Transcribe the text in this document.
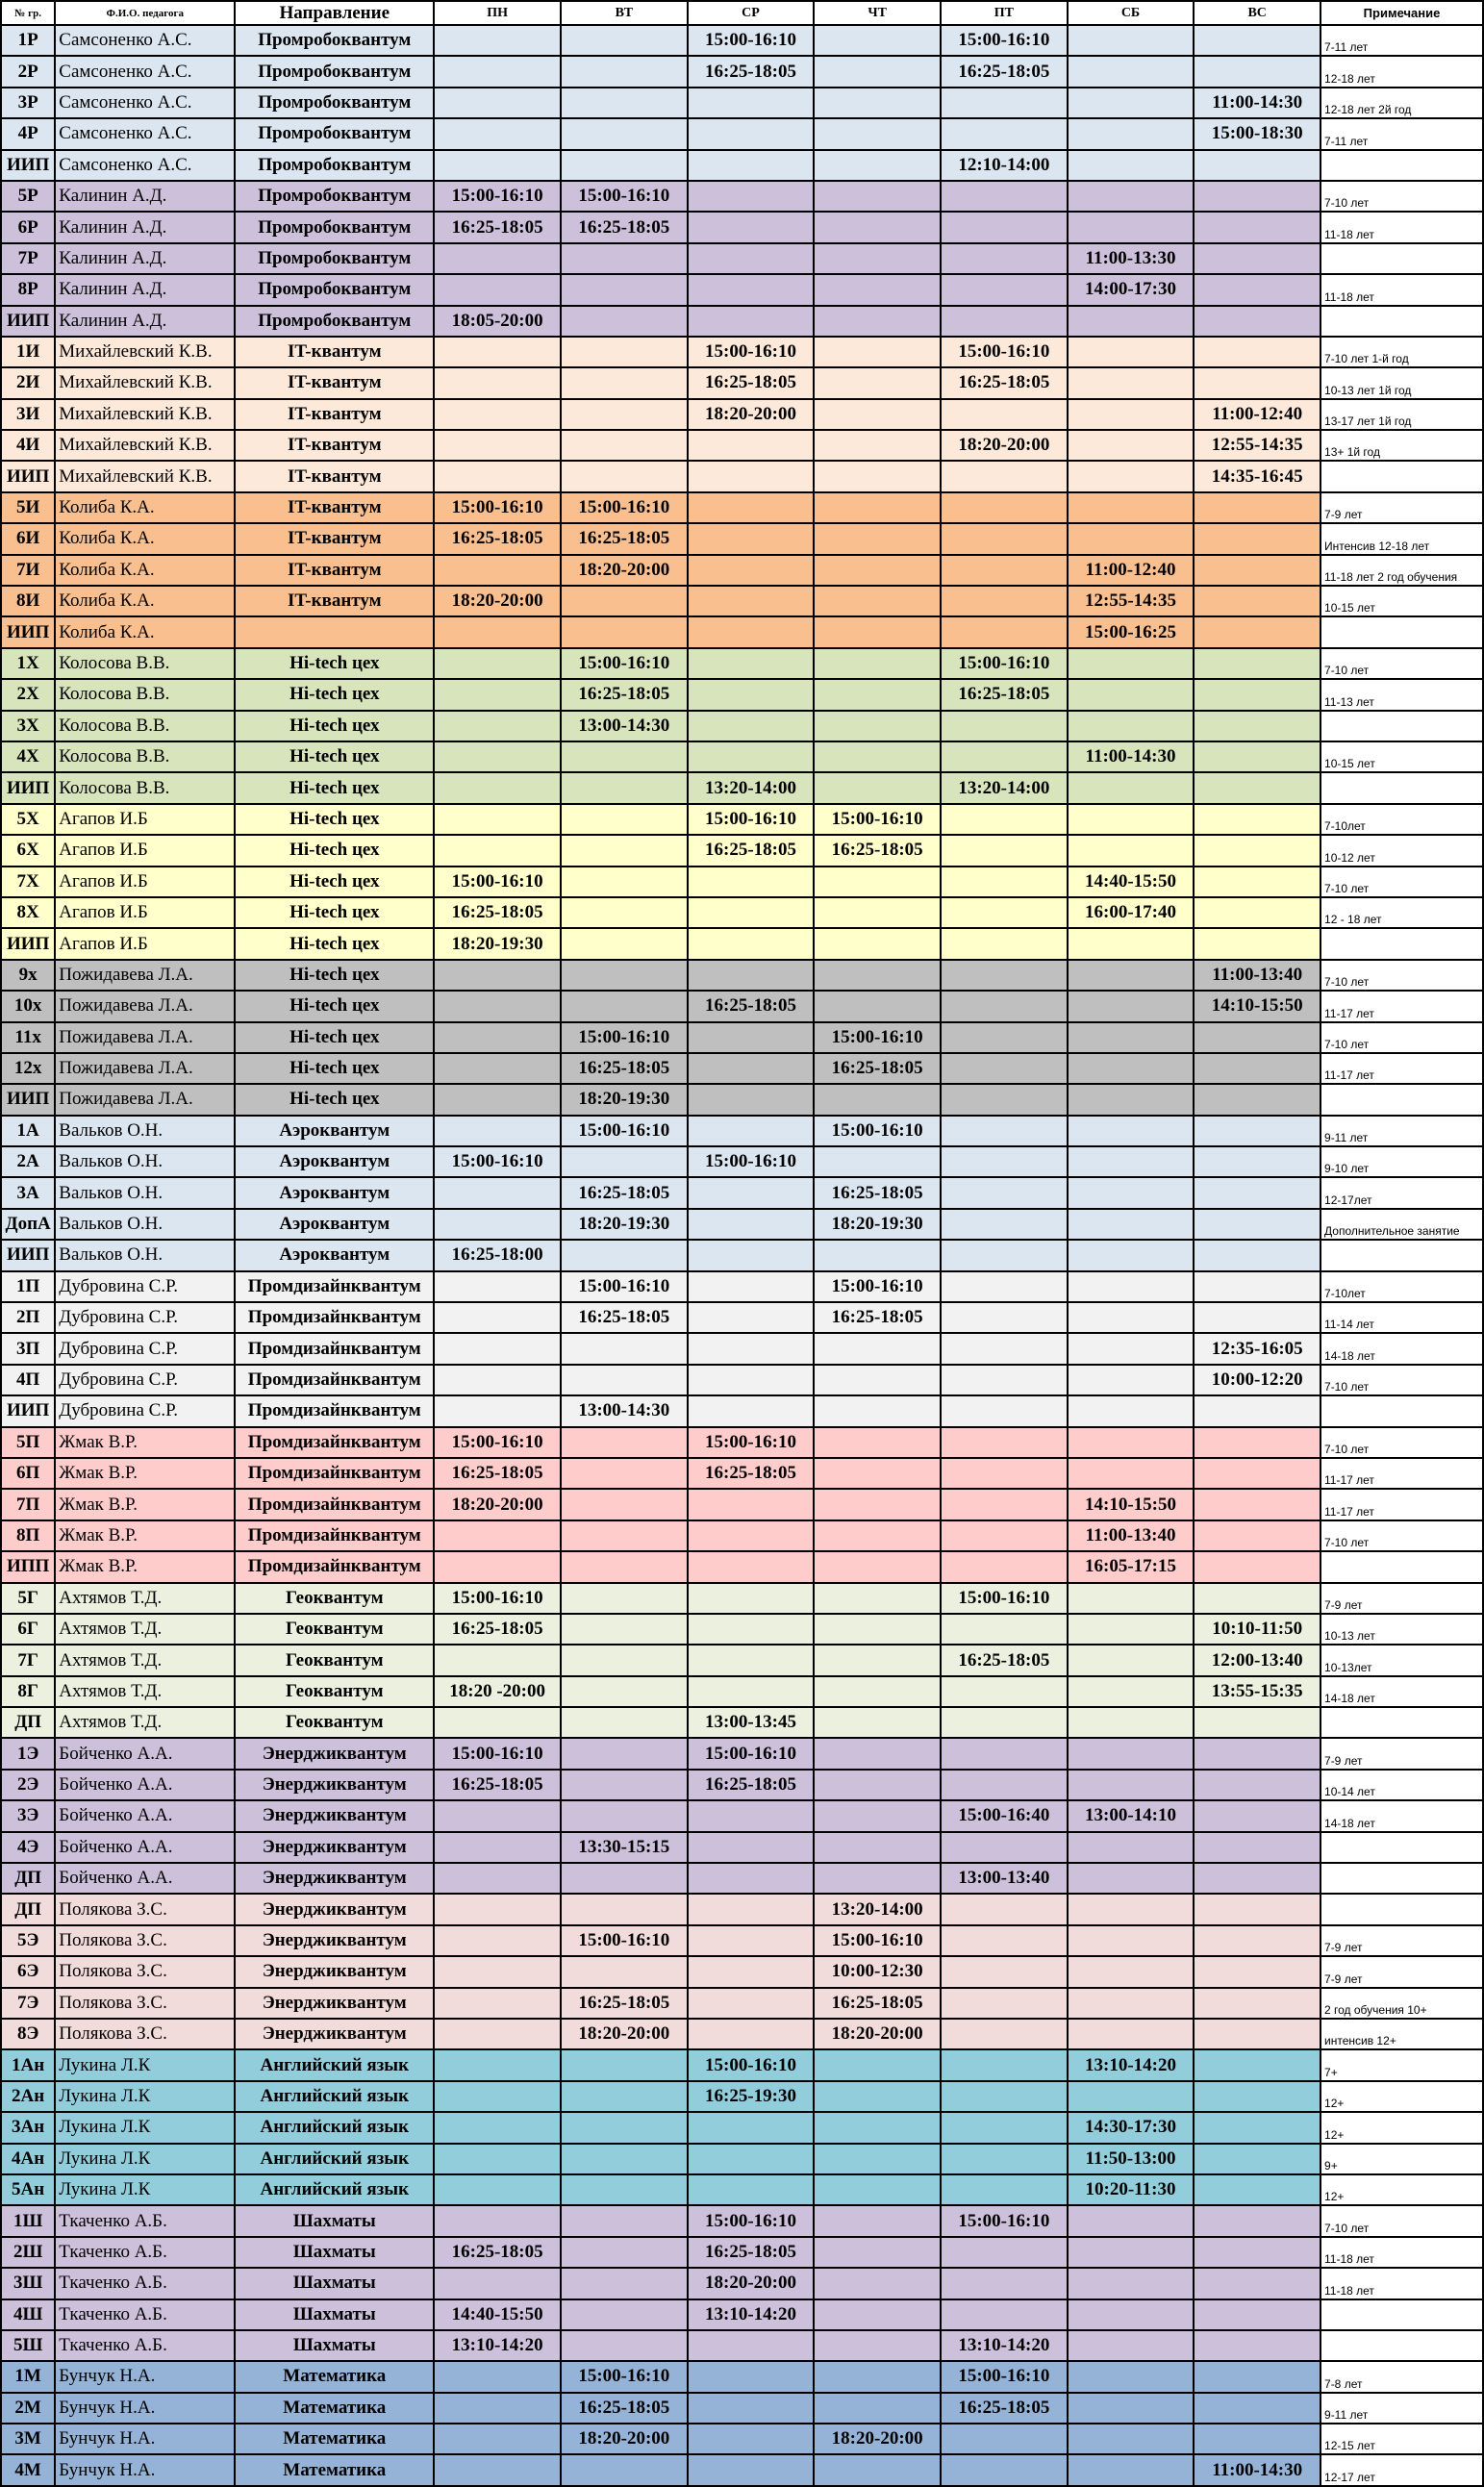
№ гр.	Ф.И.О. педагога	Направление	ПН	ВТ	СР	ЧТ	ПТ	СБ	ВС	Примечание
1Р	Самсоненко А.С.	Промробоквантум			15:00-16:10		15:00-16:10			7-11 лет
2Р	Самсоненко А.С.	Промробоквантум			16:25-18:05		16:25-18:05			12-18 лет
3Р	Самсоненко А.С.	Промробоквантум							11:00-14:30	12-18 лет 2й год
4Р	Самсоненко А.С.	Промробоквантум							15:00-18:30	7-11 лет
ИИП	Самсоненко А.С.	Промробоквантум					12:10-14:00			
5Р	Калинин А.Д.	Промробоквантум	15:00-16:10	15:00-16:10						7-10 лет
6Р	Калинин А.Д.	Промробоквантум	16:25-18:05	16:25-18:05						11-18 лет
7Р	Калинин А.Д.	Промробоквантум						11:00-13:30		
8Р	Калинин А.Д.	Промробоквантум						14:00-17:30		11-18 лет
ИИП	Калинин А.Д.	Промробоквантум	18:05-20:00							
1И	Михайлевский К.В.	IT-квантум			15:00-16:10		15:00-16:10			7-10 лет 1-й год
2И	Михайлевский К.В.	IT-квантум			16:25-18:05		16:25-18:05			10-13 лет 1й год
3И	Михайлевский К.В.	IT-квантум			18:20-20:00				11:00-12:40	13-17 лет 1й год
4И	Михайлевский К.В.	IT-квантум					18:20-20:00		12:55-14:35	13+ 1й год
ИИП	Михайлевский К.В.	IT-квантум							14:35-16:45	
5И	Колиба К.А.	IT-квантум	15:00-16:10	15:00-16:10						7-9 лет
6И	Колиба К.А.	IT-квантум	16:25-18:05	16:25-18:05						Интенсив 12-18 лет
7И	Колиба К.А.	IT-квантум		18:20-20:00				11:00-12:40		11-18 лет 2 год обучения
8И	Колиба К.А.	IT-квантум	18:20-20:00					12:55-14:35		10-15 лет
ИИП	Колиба К.А.							15:00-16:25		
1Х	Колосова В.В.	Hi-tech цех		15:00-16:10			15:00-16:10			7-10 лет
2Х	Колосова В.В.	Hi-tech цех		16:25-18:05			16:25-18:05			11-13 лет
3Х	Колосова В.В.	Hi-tech цех		13:00-14:30						
4Х	Колосова В.В.	Hi-tech цех						11:00-14:30		10-15 лет
ИИП	Колосова В.В.	Hi-tech цех			13:20-14:00		13:20-14:00			
5Х	Агапов И.Б	Hi-tech цех			15:00-16:10	15:00-16:10				7-10лет
6Х	Агапов И.Б	Hi-tech цех			16:25-18:05	16:25-18:05				10-12 лет
7Х	Агапов И.Б	Hi-tech цех	15:00-16:10					14:40-15:50		7-10 лет
8Х	Агапов И.Б	Hi-tech цех	16:25-18:05					16:00-17:40		12 - 18 лет
ИИП	Агапов И.Б	Hi-tech цех	18:20-19:30							
9х	Пожидавева Л.А.	Hi-tech цех							11:00-13:40	7-10 лет
10х	Пожидавева Л.А.	Hi-tech цех			16:25-18:05				14:10-15:50	11-17 лет
11х	Пожидавева Л.А.	Hi-tech цех		15:00-16:10		15:00-16:10				7-10 лет
12х	Пожидавева Л.А.	Hi-tech цех		16:25-18:05		16:25-18:05				11-17 лет
ИИП	Пожидавева Л.А.	Hi-tech цех		18:20-19:30						
1А	Вальков О.Н.	Аэроквантум		15:00-16:10		15:00-16:10				9-11 лет
2А	Вальков О.Н.	Аэроквантум	15:00-16:10		15:00-16:10					9-10 лет
3А	Вальков О.Н.	Аэроквантум		16:25-18:05		16:25-18:05				12-17лет
ДопА	Вальков О.Н.	Аэроквантум		18:20-19:30		18:20-19:30				Дополнительное занятие
ИИП	Вальков О.Н.	Аэроквантум	16:25-18:00							
1П	Дубровина С.Р.	Промдизайнквантум		15:00-16:10		15:00-16:10				7-10лет
2П	Дубровина С.Р.	Промдизайнквантум		16:25-18:05		16:25-18:05				11-14 лет
3П	Дубровина С.Р.	Промдизайнквантум							12:35-16:05	14-18 лет
4П	Дубровина С.Р.	Промдизайнквантум							10:00-12:20	7-10 лет
ИИП	Дубровина С.Р.	Промдизайнквантум		13:00-14:30						
5П	Жмак В.Р.	Промдизайнквантум	15:00-16:10		15:00-16:10					7-10 лет
6П	Жмак В.Р.	Промдизайнквантум	16:25-18:05		16:25-18:05					11-17 лет
7П	Жмак В.Р.	Промдизайнквантум	18:20-20:00					14:10-15:50		11-17 лет
8П	Жмак В.Р.	Промдизайнквантум						11:00-13:40		7-10 лет
ИПП	Жмак В.Р.	Промдизайнквантум						16:05-17:15		
5Г	Ахтямов Т.Д.	Геоквантум	15:00-16:10				15:00-16:10			7-9 лет
6Г	Ахтямов Т.Д.	Геоквантум	16:25-18:05						10:10-11:50	10-13 лет
7Г	Ахтямов Т.Д.	Геоквантум					16:25-18:05		12:00-13:40	10-13лет
8Г	Ахтямов Т.Д.	Геоквантум	18:20 -20:00						13:55-15:35	14-18 лет
ДП	Ахтямов Т.Д.	Геоквантум			13:00-13:45					
1Э	Бойченко А.А.	Энерджиквантум	15:00-16:10		15:00-16:10					7-9 лет
2Э	Бойченко А.А.	Энерджиквантум	16:25-18:05		16:25-18:05					10-14 лет
3Э	Бойченко А.А.	Энерджиквантум					15:00-16:40	13:00-14:10		14-18 лет
4Э	Бойченко А.А.	Энерджиквантум		13:30-15:15						
ДП	Бойченко А.А.	Энерджиквантум					13:00-13:40			
ДП	Полякова З.С.	Энерджиквантум				13:20-14:00				
5Э	Полякова З.С.	Энерджиквантум		15:00-16:10		15:00-16:10				7-9 лет
6Э	Полякова З.С.	Энерджиквантум				10:00-12:30				7-9 лет
7Э	Полякова З.С.	Энерджиквантум		16:25-18:05		16:25-18:05				2 год обучения 10+
8Э	Полякова З.С.	Энерджиквантум		18:20-20:00		18:20-20:00				интенсив 12+
1Ан	Лукина Л.К	Английский язык			15:00-16:10			13:10-14:20		7+
2Ан	Лукина Л.К	Английский язык			16:25-19:30					12+
3Ан	Лукина Л.К	Английский язык						14:30-17:30		12+
4Ан	Лукина Л.К	Английский язык						11:50-13:00		9+
5Ан	Лукина Л.К	Английский язык						10:20-11:30		12+
1Ш	Ткаченко А.Б.	Шахматы			15:00-16:10		15:00-16:10			7-10 лет
2Ш	Ткаченко А.Б.	Шахматы	16:25-18:05		16:25-18:05					11-18 лет
3Ш	Ткаченко А.Б.	Шахматы			18:20-20:00					11-18 лет
4Ш	Ткаченко А.Б.	Шахматы	14:40-15:50		13:10-14:20					
5Ш	Ткаченко А.Б.	Шахматы	13:10-14:20				13:10-14:20			
1М	Бунчук Н.А.	Математика		15:00-16:10			15:00-16:10			7-8 лет
2М	Бунчук Н.А.	Математика		16:25-18:05			16:25-18:05			9-11 лет
3М	Бунчук Н.А.	Математика		18:20-20:00		18:20-20:00				12-15 лет
4М	Бунчук Н.А.	Математика							11:00-14:30	12-17 лет
